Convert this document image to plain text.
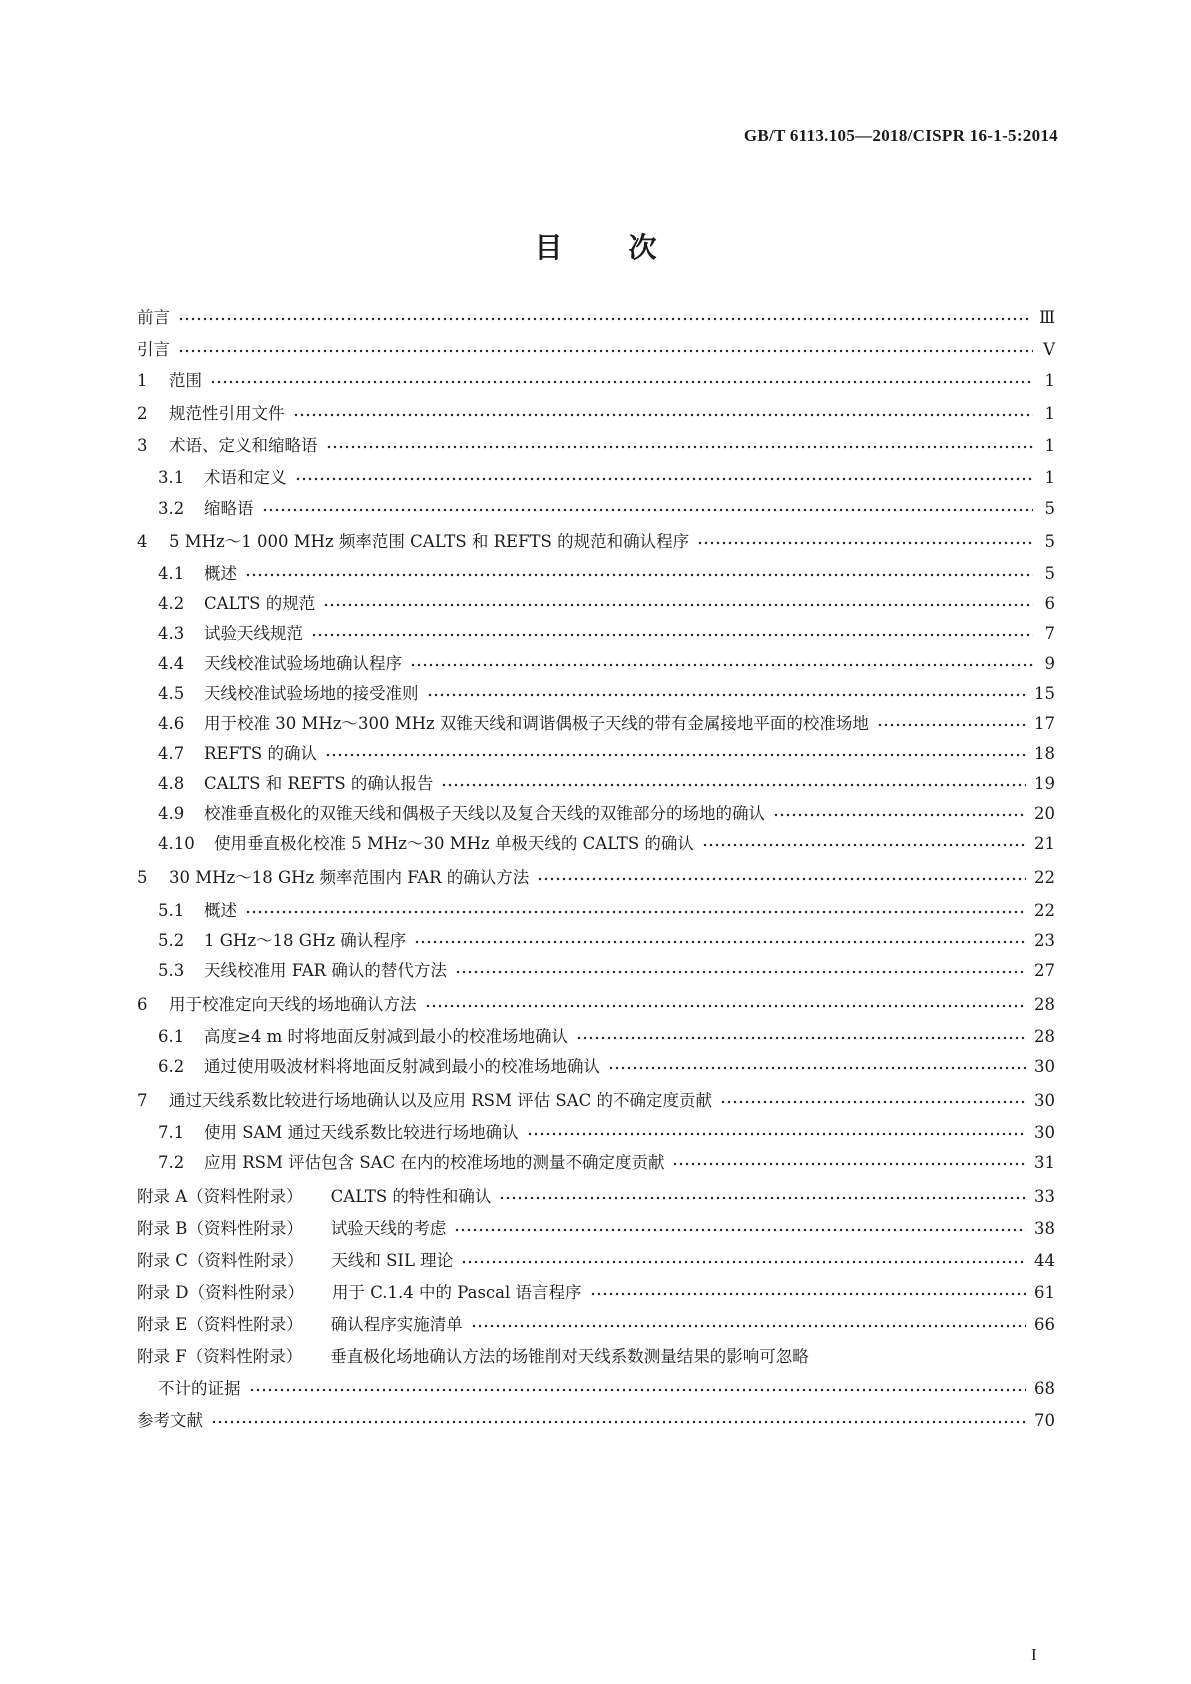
GB/T 6113.105—2018/CISPR 16-1-5:2014
目 次
前言	Ⅲ
引言	Ⅴ
1	范围	1
2	规范性引用文件	1
3	术语、定义和缩略语	1
3.1	术语和定义	1
3.2	缩略语	5
4	5 MHz～1 000 MHz 频率范围 CALTS 和 REFTS 的规范和确认程序	5
4.1	概述	5
4.2	CALTS 的规范	6
4.3	试验天线规范	7
4.4	天线校准试验场地确认程序	9
4.5	天线校准试验场地的接受准则	15
4.6	用于校准 30 MHz～300 MHz 双锥天线和调谐偶极子天线的带有金属接地平面的校准场地	17
4.7	REFTS 的确认	18
4.8	CALTS 和 REFTS 的确认报告	19
4.9	校准垂直极化的双锥天线和偶极子天线以及复合天线的双锥部分的场地的确认	20
4.10	使用垂直极化校准 5 MHz～30 MHz 单极天线的 CALTS 的确认	21
5	30 MHz～18 GHz 频率范围内 FAR 的确认方法	22
5.1	概述	22
5.2	1 GHz～18 GHz 确认程序	23
5.3	天线校准用 FAR 确认的替代方法	27
6	用于校准定向天线的场地确认方法	28
6.1	高度≥4 m 时将地面反射减到最小的校准场地确认	28
6.2	通过使用吸波材料将地面反射减到最小的校准场地确认	30
7	通过天线系数比较进行场地确认以及应用 RSM 评估 SAC 的不确定度贡献	30
7.1	使用 SAM 通过天线系数比较进行场地确认	30
7.2	应用 RSM 评估包含 SAC 在内的校准场地的测量不确定度贡献	31
附录 A（资料性附录） CALTS 的特性和确认	33
附录 B（资料性附录） 试验天线的考虑	38
附录 C（资料性附录） 天线和 SIL 理论	44
附录 D（资料性附录） 用于 C.1.4 中的 Pascal 语言程序	61
附录 E（资料性附录） 确认程序实施清单	66
附录 F（资料性附录） 垂直极化场地确认方法的场锥削对天线系数测量结果的影响可忽略
不计的证据	68
参考文献	70
I
